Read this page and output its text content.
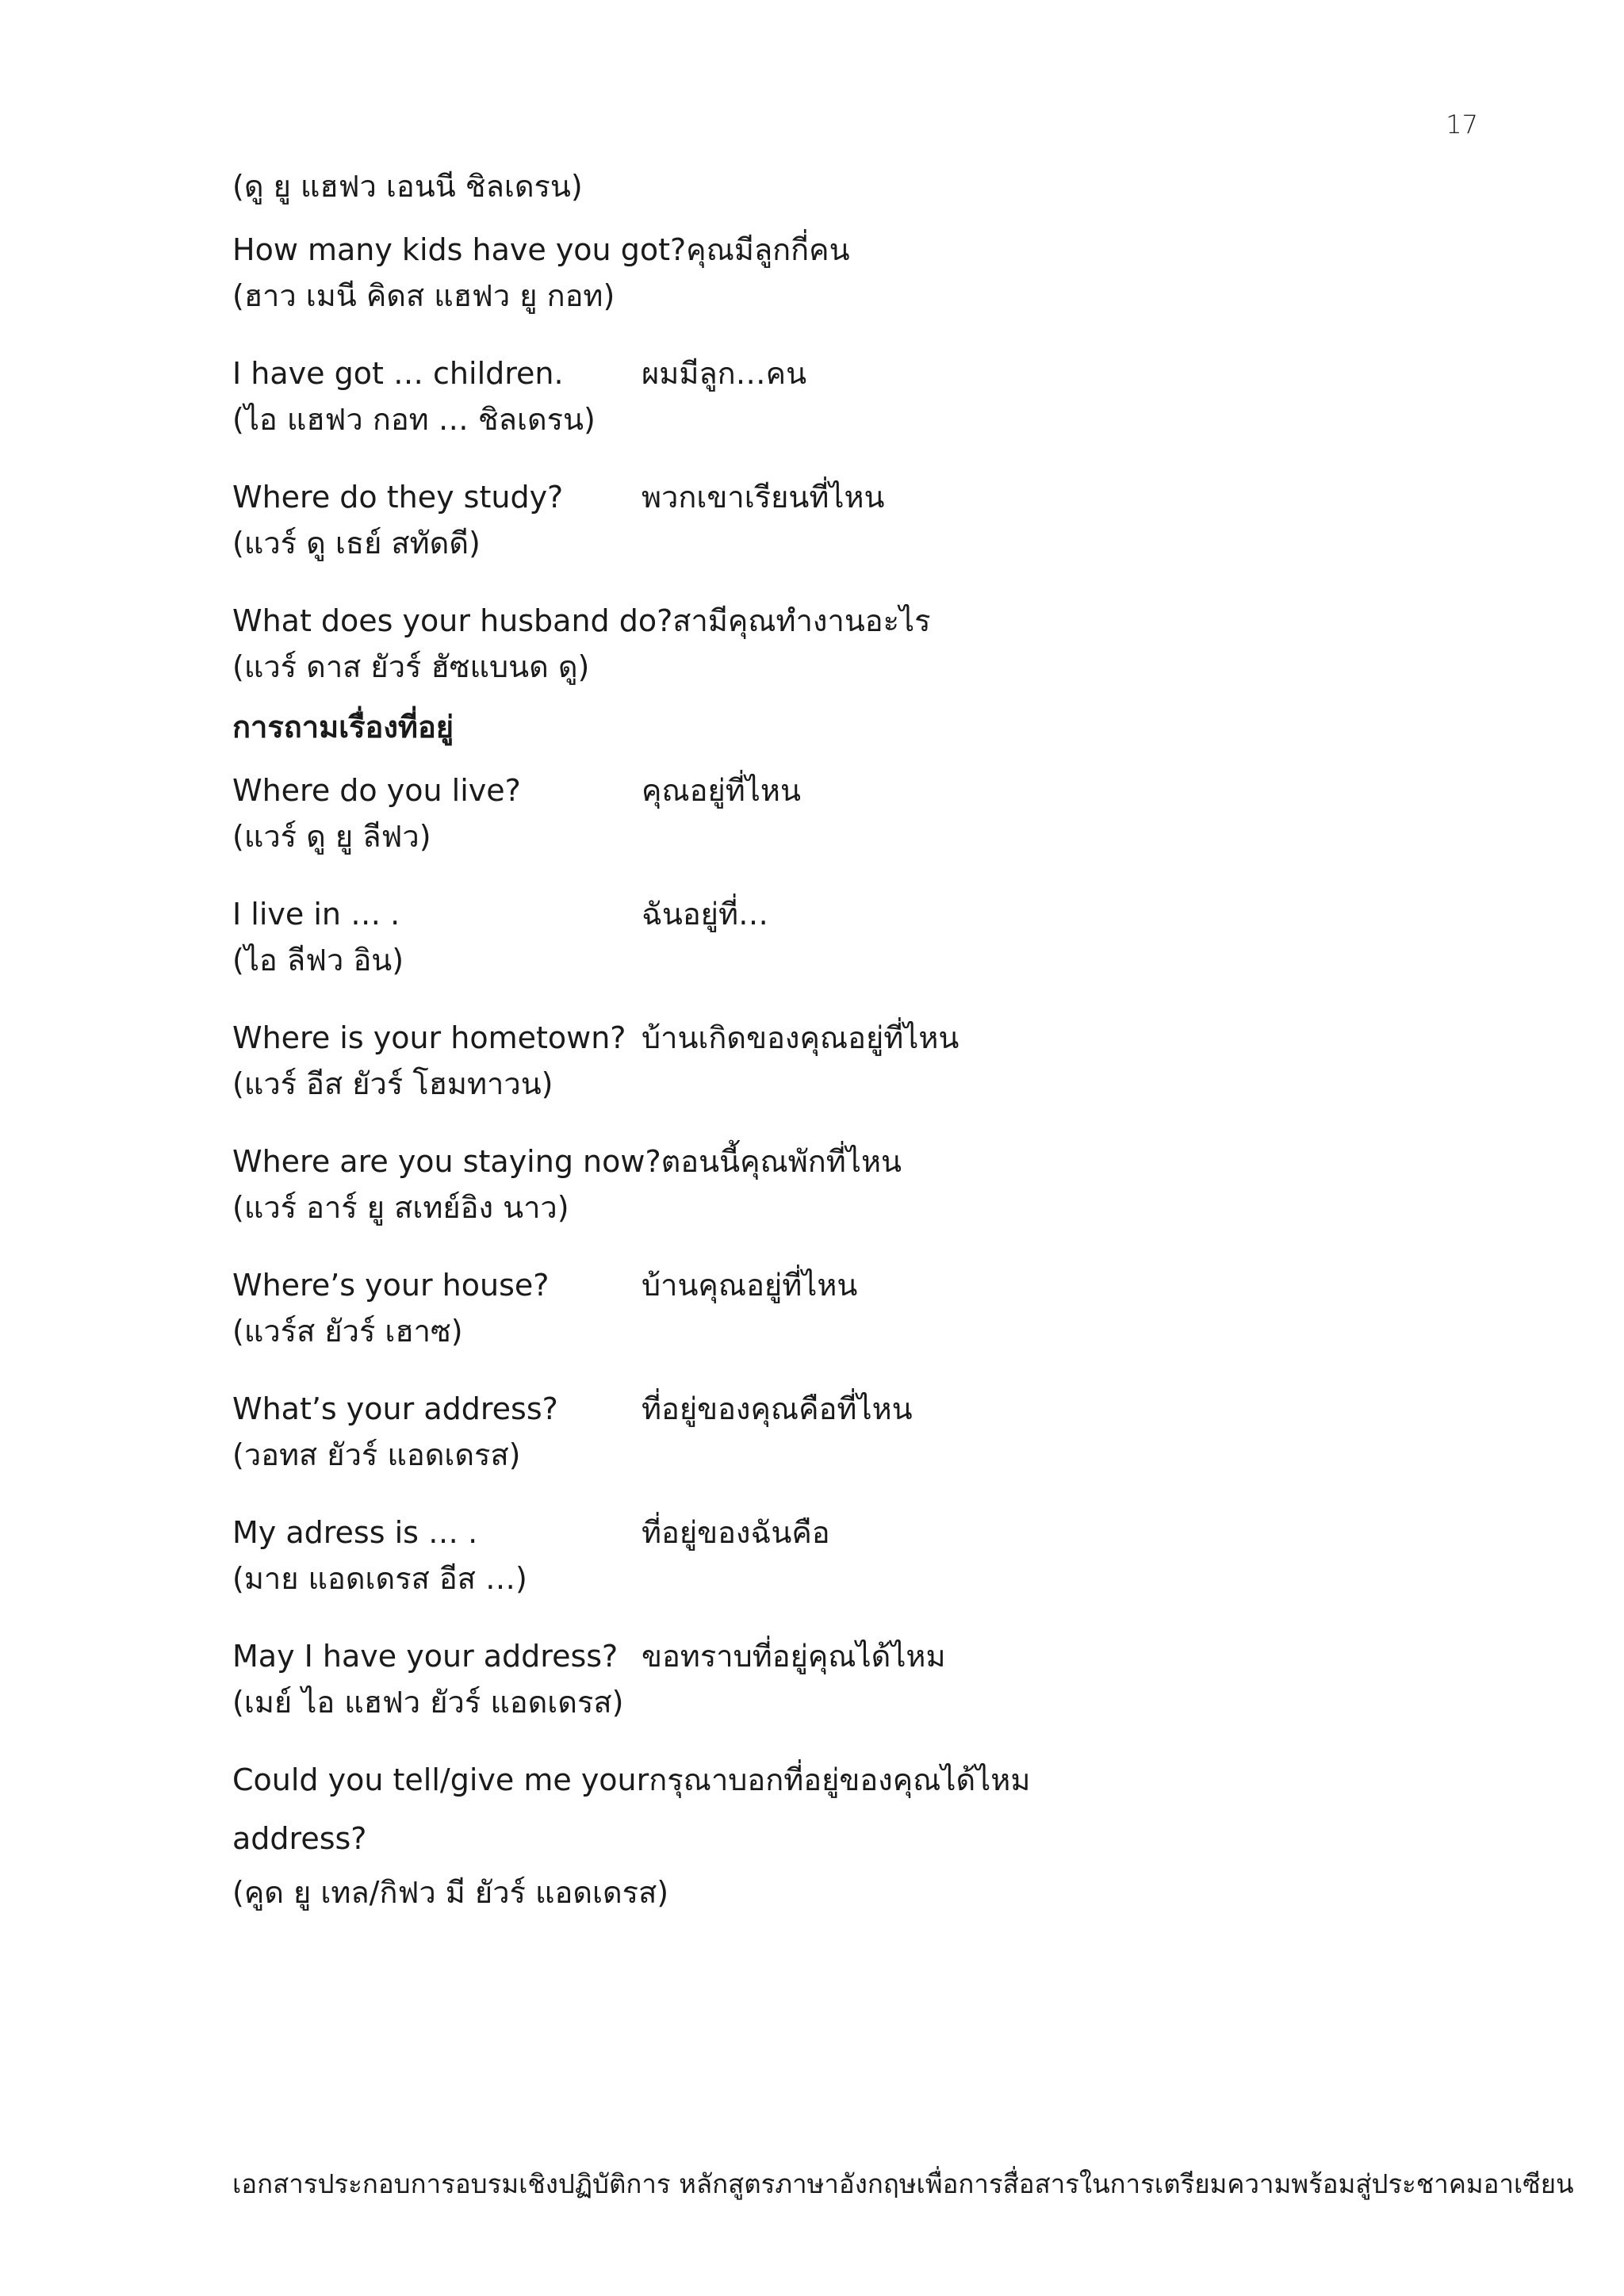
17
(ดู ยู แฮฟว เอนนี ชิลเดรน)
How many kids have you got?คุณมีลูกกี่คน
(ฮาว เมนี คิดส แฮฟว ยู กอท)
I have got … children.	ผมมีลูก…คน
(ไอ แฮฟว กอท … ชิลเดรน)
Where do they study?	พวกเขาเรียนที่ไหน
(แวร์ ดู เธย์ สทัดดี)
What does your husband do?สามีคุณทำงานอะไร
(แวร์ ดาส ยัวร์ ฮัซแบนด ดู)
การถามเรื่องที่อยู่
Where do you live?	คุณอยู่ที่ไหน
(แวร์ ดู ยู ลีฟว)
I live in … .	ฉันอยู่ที่…
(ไอ ลีฟว อิน)
Where is your hometown? บ้านเกิดของคุณอยู่ที่ไหน
(แวร์ อีส ยัวร์ โฮมทาวน)
Where are you staying now?ตอนนี้คุณพักที่ไหน
(แวร์ อาร์ ยู สเทย์อิง นาว)
Where’s your house?	บ้านคุณอยู่ที่ไหน
(แวร์ส ยัวร์ เฮาซ)
What’s your address?	ที่อยู่ของคุณคือที่ไหน
(วอทส ยัวร์ แอดเดรส)
My adress is … .	ที่อยู่ของฉันคือ
(มาย แอดเดรส อีส …)
May I have your address? ขอทราบที่อยู่คุณได้ไหม
(เมย์ ไอ แฮฟว ยัวร์ แอดเดรส)
Could you tell/give me yourกรุณาบอกที่อยู่ของคุณได้ไหม
address?
(คูด ยู เทล/กิฟว มี ยัวร์ แอดเดรส)
เอกสารประกอบการอบรมเชิงปฏิบัติการ หลักสูตรภาษาอังกฤษเพื่อการสื่อสารในการเตรียมความพร้อมสู่ประชาคมอาเซียน
